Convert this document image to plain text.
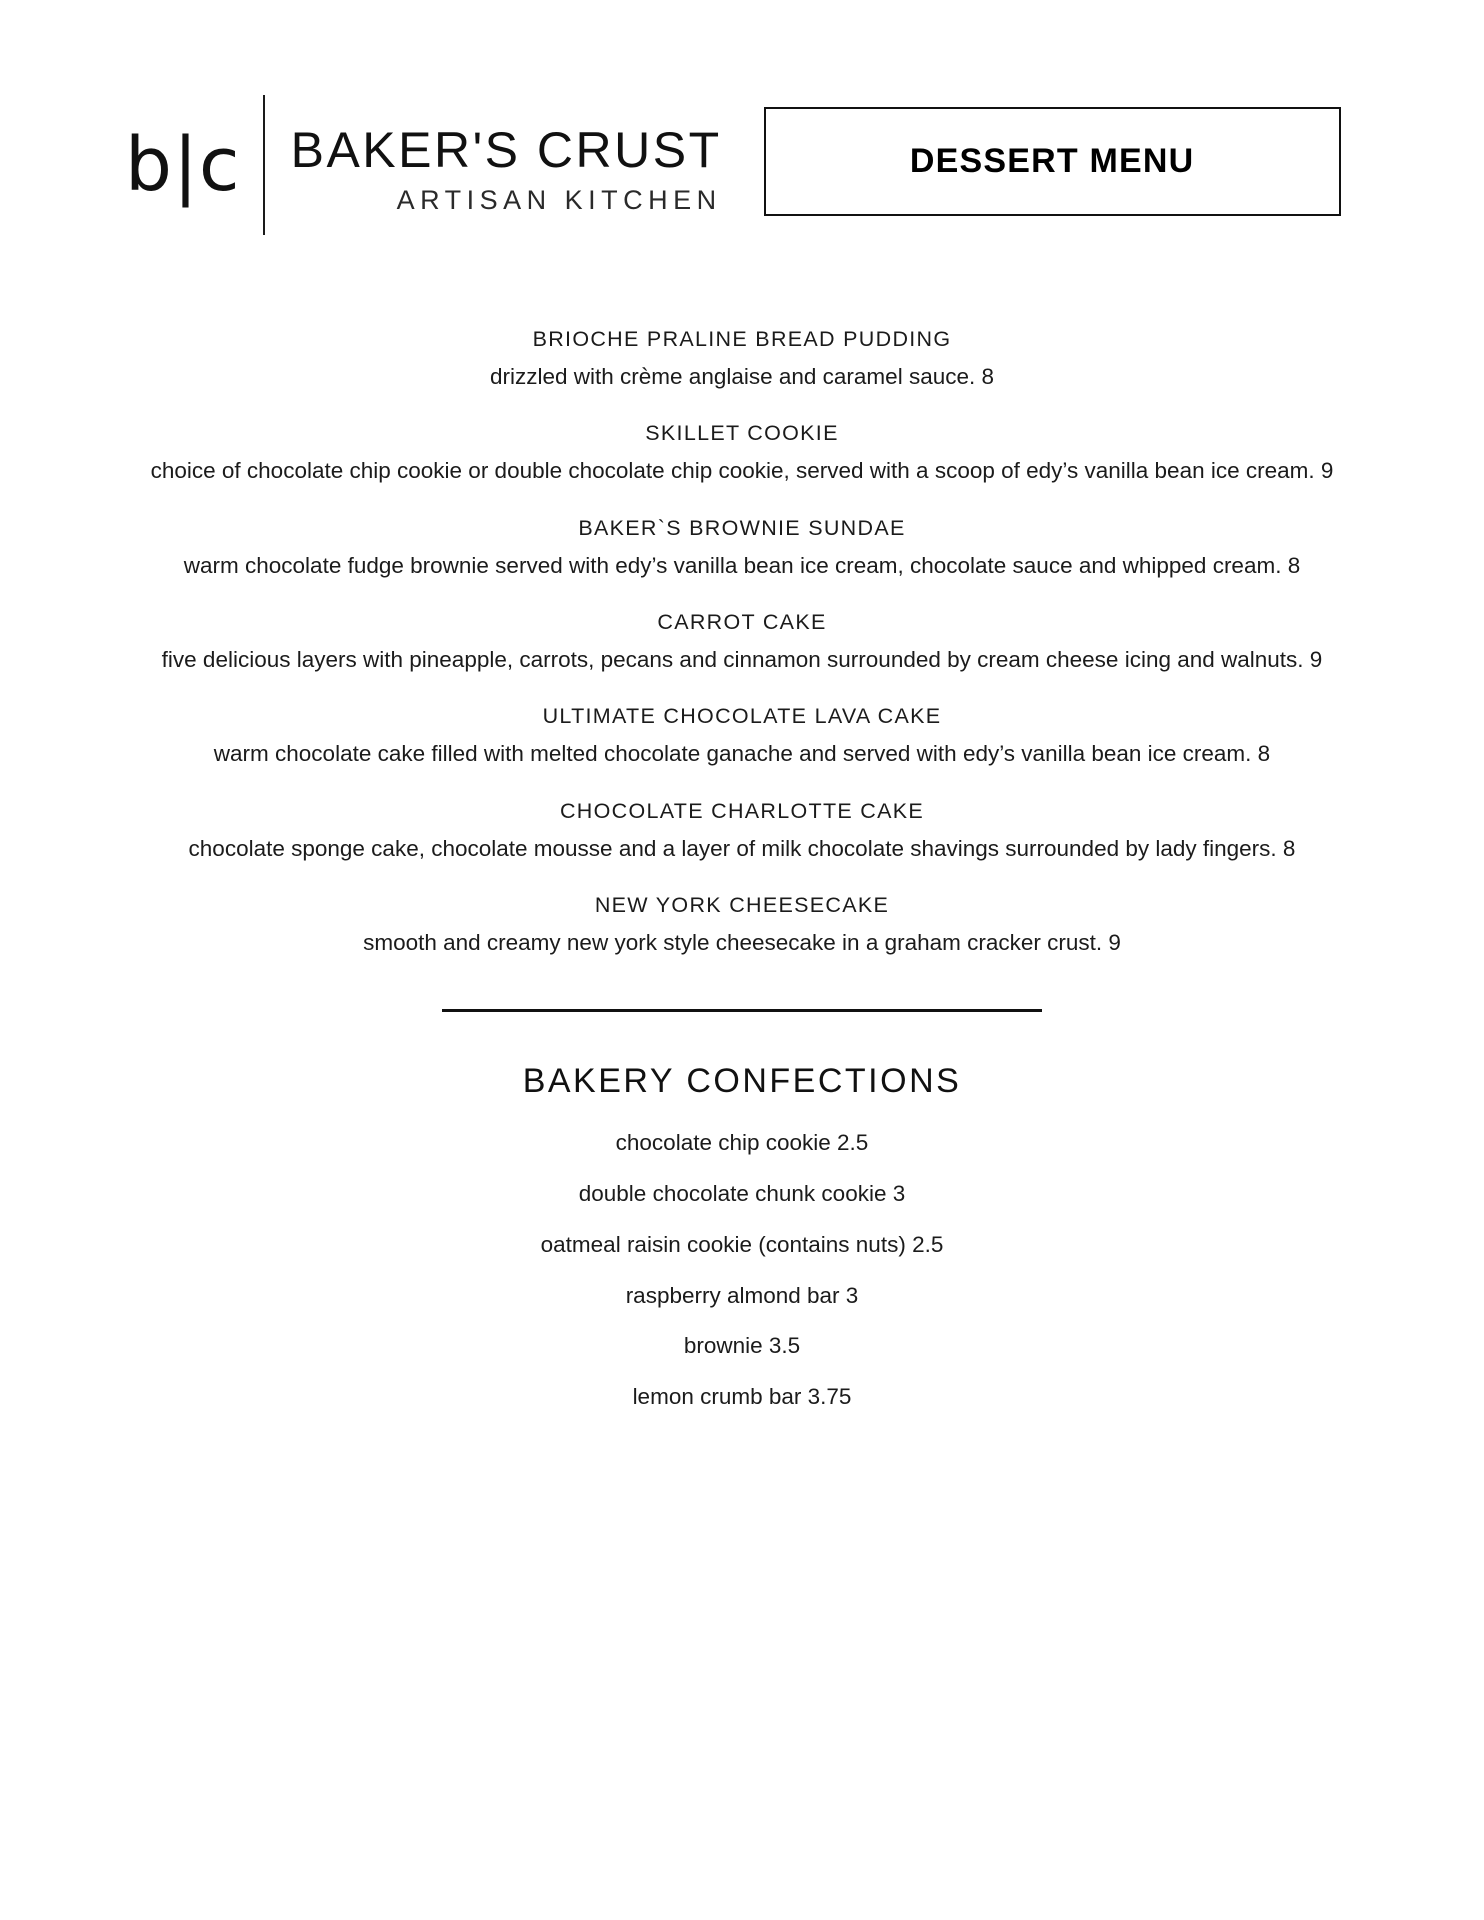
b|c	BAKER'S CRUST
ARTISAN KITCHEN
DESSERT MENU
BRIOCHE PRALINE BREAD PUDDING
drizzled with crème anglaise and caramel sauce. 8
SKILLET COOKIE
choice of chocolate chip cookie or double chocolate chip cookie, served with a scoop of edy’s vanilla bean ice cream. 9
BAKER`S BROWNIE SUNDAE
warm chocolate fudge brownie served with edy’s vanilla bean ice cream, chocolate sauce and whipped cream. 8
CARROT CAKE
five delicious layers with pineapple, carrots, pecans and cinnamon surrounded by cream cheese icing and walnuts. 9
ULTIMATE CHOCOLATE LAVA CAKE
warm chocolate cake filled with melted chocolate ganache and served with edy’s vanilla bean ice cream. 8
CHOCOLATE CHARLOTTE CAKE
chocolate sponge cake, chocolate mousse and a layer of milk chocolate shavings surrounded by lady fingers. 8
NEW YORK CHEESECAKE
smooth and creamy new york style cheesecake in a graham cracker crust. 9
BAKERY CONFECTIONS
chocolate chip cookie 2.5
double chocolate chunk cookie 3
oatmeal raisin cookie (contains nuts) 2.5
raspberry almond bar 3
brownie 3.5
lemon crumb bar 3.75
